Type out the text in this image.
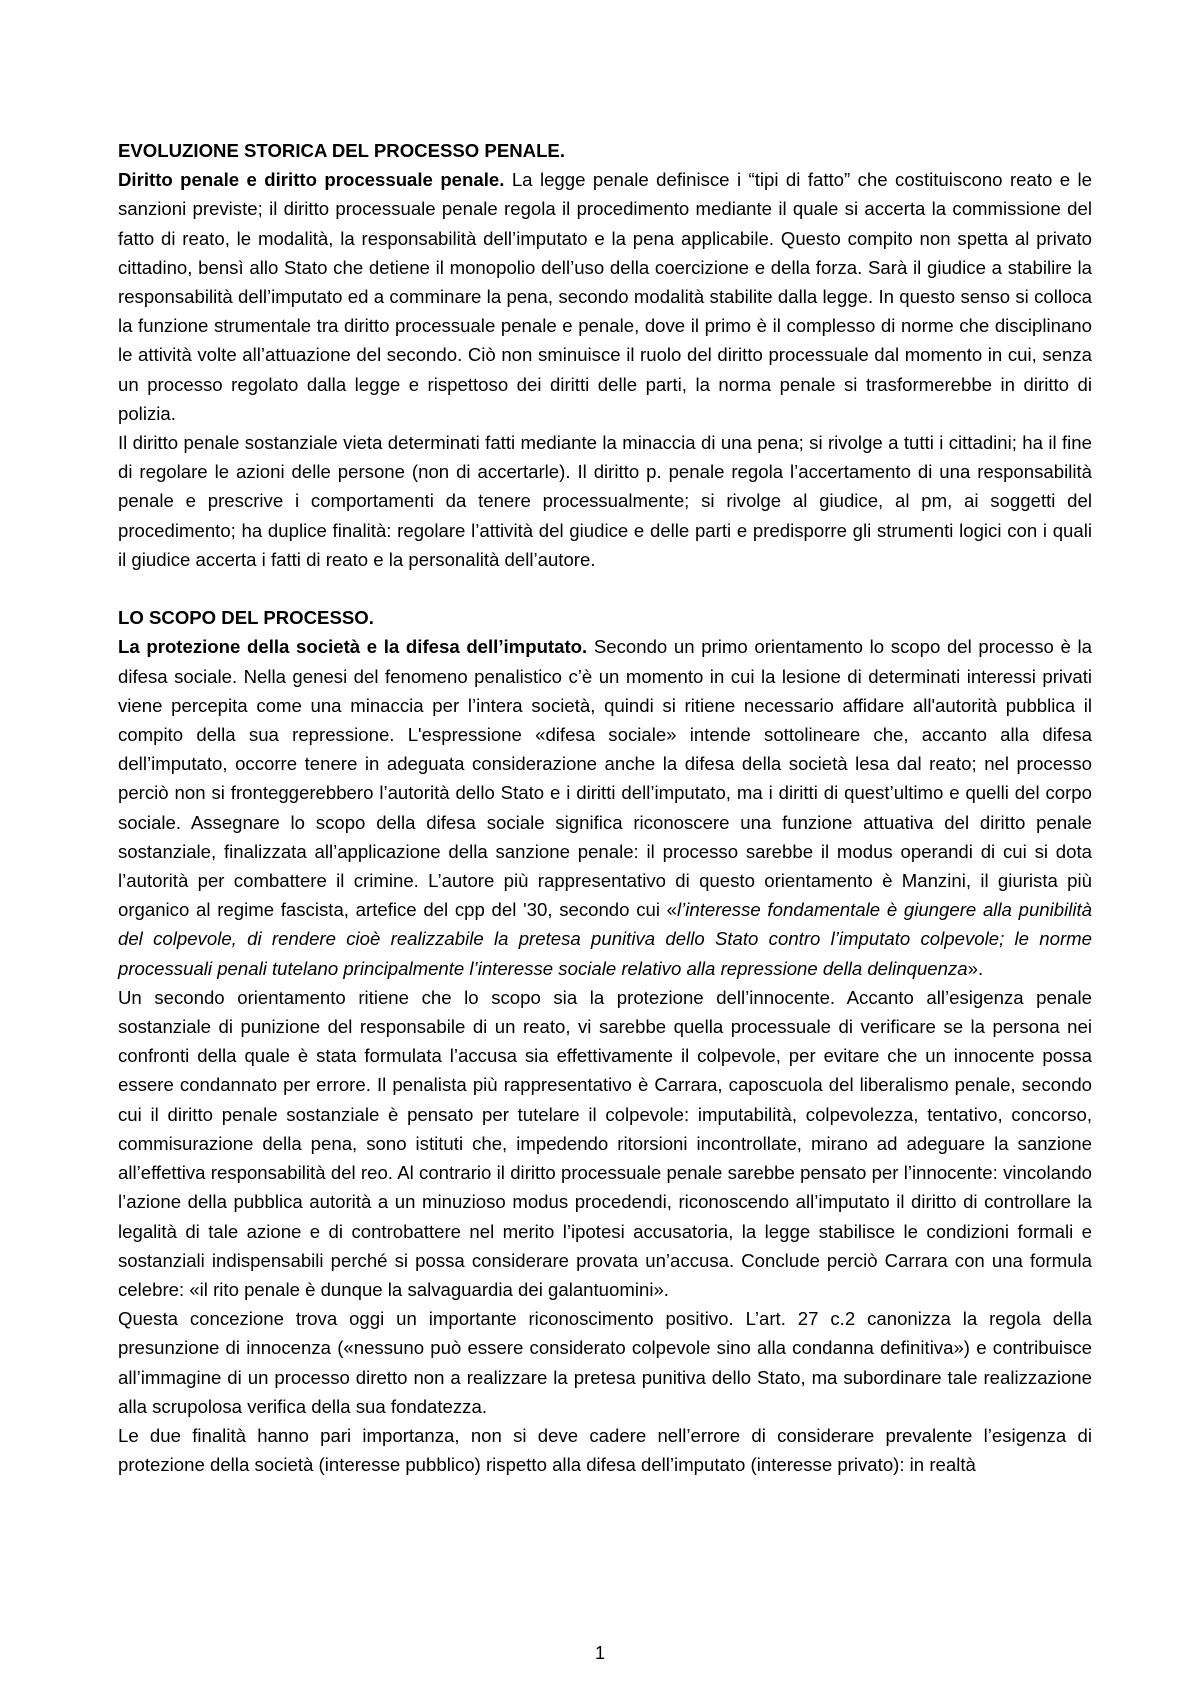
EVOLUZIONE STORICA DEL PROCESSO PENALE.

Diritto penale e diritto processuale penale. La legge penale definisce i “tipi di fatto” che costituiscono reato e le sanzioni previste; il diritto processuale penale regola il procedimento mediante il quale si accerta la commissione del fatto di reato, le modalità, la responsabilità dell’imputato e la pena applicabile. Questo compito non spetta al privato cittadino, bensì allo Stato che detiene il monopolio dell’uso della coercizione e della forza. Sarà il giudice a stabilire la responsabilità dell’imputato ed a comminare la pena, secondo modalità stabilite dalla legge. In questo senso si colloca la funzione strumentale tra diritto processuale penale e penale, dove il primo è il complesso di norme che disciplinano le attività volte all’attuazione del secondo. Ciò non sminuisce il ruolo del diritto processuale dal momento in cui, senza un processo regolato dalla legge e rispettoso dei diritti delle parti, la norma penale si trasformerebbe in diritto di polizia.

Il diritto penale sostanziale vieta determinati fatti mediante la minaccia di una pena; si rivolge a tutti i cittadini; ha il fine di regolare le azioni delle persone (non di accertarle). Il diritto p. penale regola l’accertamento di una responsabilità penale e prescrive i comportamenti da tenere processualmente; si rivolge al giudice, al pm, ai soggetti del procedimento; ha duplice finalità: regolare l’attività del giudice e delle parti e predisporre gli strumenti logici con i quali il giudice accerta i fatti di reato e la personalità dell’autore.

LO SCOPO DEL PROCESSO.

La protezione della società e la difesa dell’imputato. Secondo un primo orientamento lo scopo del processo è la difesa sociale. Nella genesi del fenomeno penalistico c’è un momento in cui la lesione di determinati interessi privati viene percepita come una minaccia per l’intera società, quindi si ritiene necessario affidare all'autorità pubblica il compito della sua repressione. L'espressione «difesa sociale» intende sottolineare che, accanto alla difesa dell’imputato, occorre tenere in adeguata considerazione anche la difesa della società lesa dal reato; nel processo perciò non si fronteggerebbero l’autorità dello Stato e i diritti dell’imputato, ma i diritti di quest’ultimo e quelli del corpo sociale. Assegnare lo scopo della difesa sociale significa riconoscere una funzione attuativa del diritto penale sostanziale, finalizzata all’applicazione della sanzione penale: il processo sarebbe il modus operandi di cui si dota l’autorità per combattere il crimine. L’autore più rappresentativo di questo orientamento è Manzini, il giurista più organico al regime fascista, artefice del cpp del '30, secondo cui «l’interesse fondamentale è giungere alla punibilità del colpevole, di rendere cioè realizzabile la pretesa punitiva dello Stato contro l’imputato colpevole; le norme processuali penali tutelano principalmente l’interesse sociale relativo alla repressione della delinquenza».

Un secondo orientamento ritiene che lo scopo sia la protezione dell’innocente. Accanto all’esigenza penale sostanziale di punizione del responsabile di un reato, vi sarebbe quella processuale di verificare se la persona nei confronti della quale è stata formulata l’accusa sia effettivamente il colpevole, per evitare che un innocente possa essere condannato per errore. Il penalista più rappresentativo è Carrara, caposcuola del liberalismo penale, secondo cui il diritto penale sostanziale è pensato per tutelare il colpevole: imputabilità, colpevolezza, tentativo, concorso, commisurazione della pena, sono istituti che, impedendo ritorsioni incontrollate, mirano ad adeguare la sanzione all’effettiva responsabilità del reo. Al contrario il diritto processuale penale sarebbe pensato per l’innocente: vincolando l’azione della pubblica autorità a un minuzioso modus procedendi, riconoscendo all’imputato il diritto di controllare la legalità di tale azione e di controbattere nel merito l’ipotesi accusatoria, la legge stabilisce le condizioni formali e sostanziali indispensabili perché si possa considerare provata un’accusa. Conclude perciò Carrara con una formula celebre: «il rito penale è dunque la salvaguardia dei galantuomini».

Questa concezione trova oggi un importante riconoscimento positivo. L’art. 27 c.2 canonizza la regola della presunzione di innocenza («nessuno può essere considerato colpevole sino alla condanna definitiva») e contribuisce all’immagine di un processo diretto non a realizzare la pretesa punitiva dello Stato, ma subordinare tale realizzazione alla scrupolosa verifica della sua fondatezza.

Le due finalità hanno pari importanza, non si deve cadere nell’errore di considerare prevalente l’esigenza di protezione della società (interesse pubblico) rispetto alla difesa dell’imputato (interesse privato): in realtà

1
